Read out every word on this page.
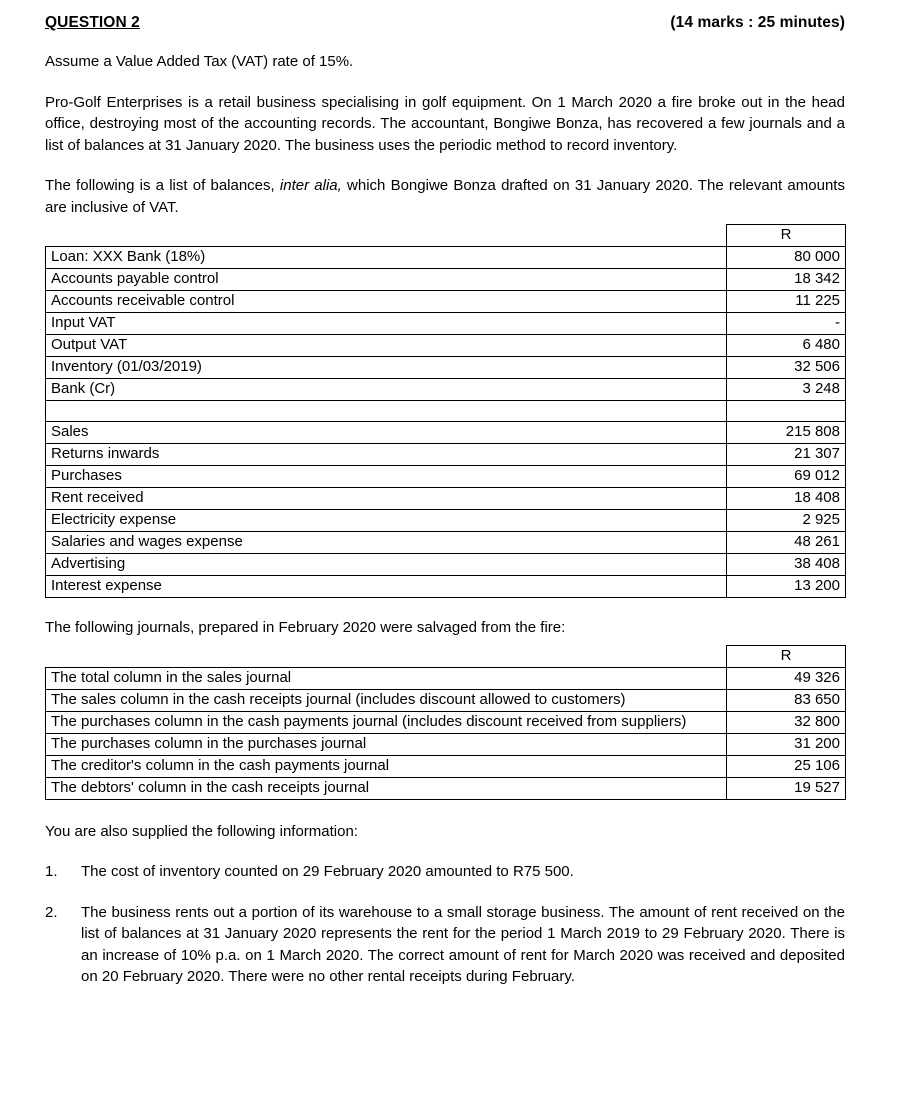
QUESTION 2	(14 marks : 25 minutes)

Assume a Value Added Tax (VAT) rate of 15%.

Pro-Golf Enterprises is a retail business specialising in golf equipment. On 1 March 2020 a fire broke out in the head office, destroying most of the accounting records. The accountant, Bongiwe Bonza, has recovered a few journals and a list of balances at 31 January 2020. The business uses the periodic method to record inventory.

The following is a list of balances, inter alia, which Bongiwe Bonza drafted on 31 January 2020. The relevant amounts are inclusive of VAT.

	R
Loan: XXX Bank (18%)	80 000
Accounts payable control	18 342
Accounts receivable control	11 225
Input VAT	-
Output VAT	6 480
Inventory (01/03/2019)	32 506
Bank (Cr)	3 248

Sales	215 808
Returns inwards	21 307
Purchases	69 012
Rent received	18 408
Electricity expense	2 925
Salaries and wages expense	48 261
Advertising	38 408
Interest expense	13 200

The following journals, prepared in February 2020 were salvaged from the fire:

	R
The total column in the sales journal	49 326
The sales column in the cash receipts journal (includes discount allowed to customers)	83 650
The purchases column in the cash payments journal (includes discount received from suppliers)	32 800
The purchases column in the purchases journal	31 200
The creditor's column in the cash payments journal	25 106
The debtors' column in the cash receipts journal	19 527

You are also supplied the following information:

1.	The cost of inventory counted on 29 February 2020 amounted to R75 500.
2.	The business rents out a portion of its warehouse to a small storage business. The amount of rent received on the list of balances at 31 January 2020 represents the rent for the period 1 March 2019 to 29 February 2020. There is an increase of 10% p.a. on 1 March 2020. The correct amount of rent for March 2020 was received and deposited on 20 February 2020. There were no other rental receipts during February.
